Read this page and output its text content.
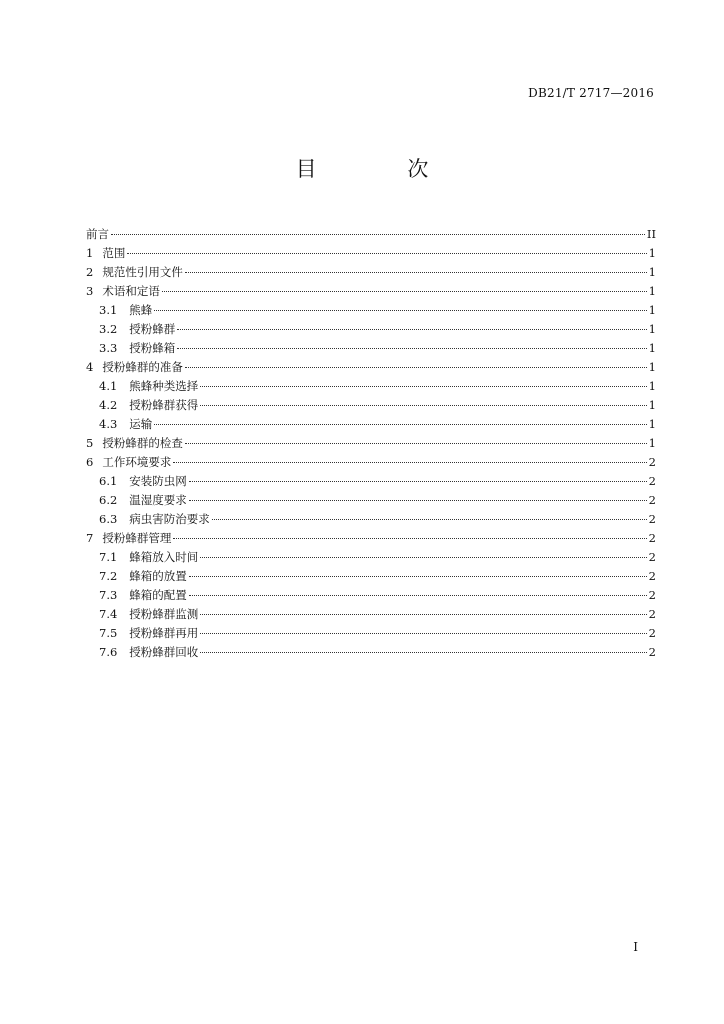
DB21/T 2717—2016
目 次
前言	II
1 范围	1
2 规范性引用文件	1
3 术语和定语	1
3.1 熊蜂	1
3.2 授粉蜂群	1
3.3 授粉蜂箱	1
4 授粉蜂群的准备	1
4.1 熊蜂种类选择	1
4.2 授粉蜂群获得	1
4.3 运输	1
5 授粉蜂群的检查	1
6 工作环境要求	2
6.1 安装防虫网	2
6.2 温湿度要求	2
6.3 病虫害防治要求	2
7 授粉蜂群管理	2
7.1 蜂箱放入时间	2
7.2 蜂箱的放置	2
7.3 蜂箱的配置	2
7.4 授粉蜂群监测	2
7.5 授粉蜂群再用	2
7.6 授粉蜂群回收	2
I
